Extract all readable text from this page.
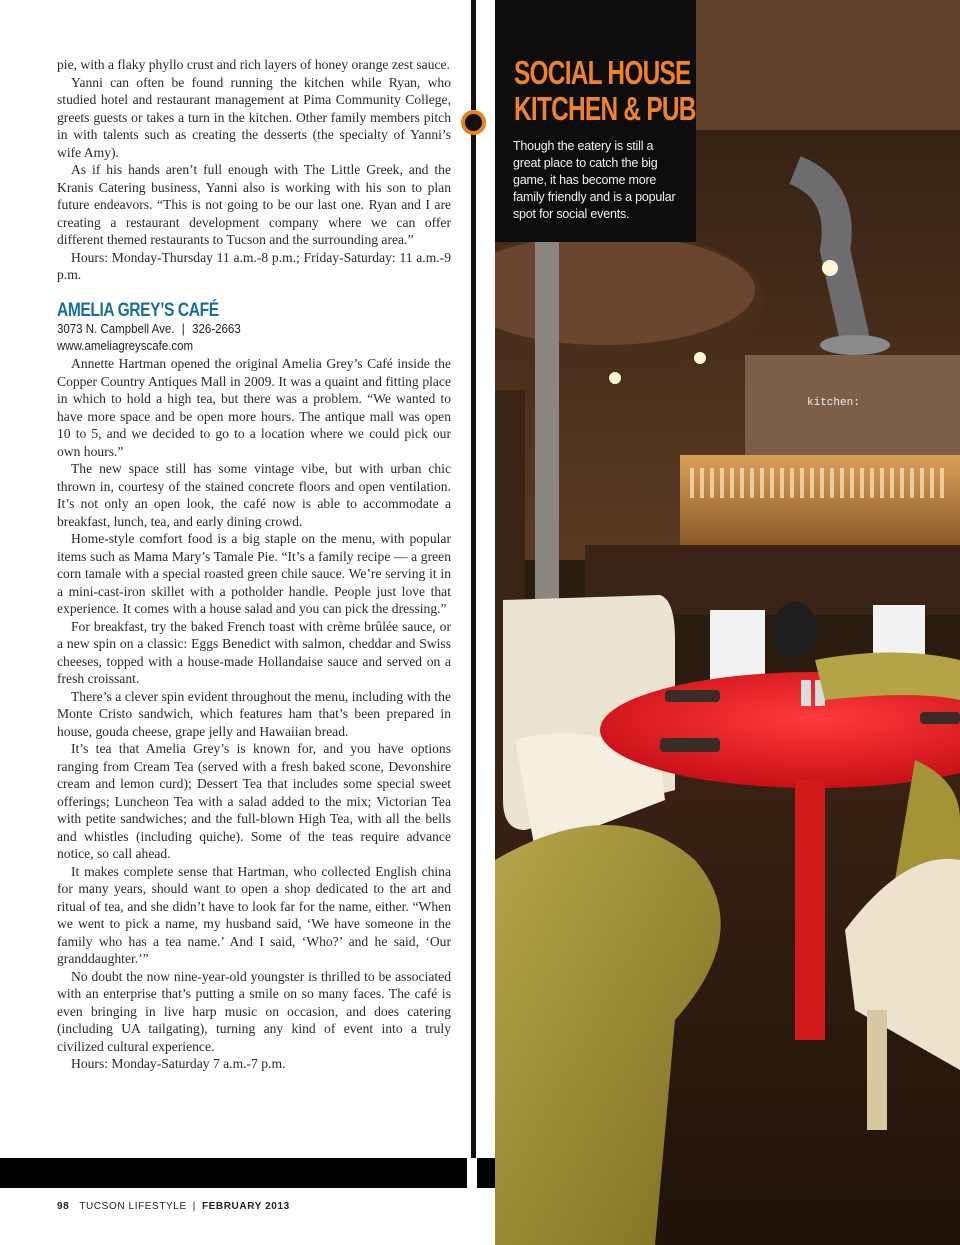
pie, with a flaky phyllo crust and rich layers of honey orange zest sauce.

Yanni can often be found running the kitchen while Ryan, who studied hotel and restaurant management at Pima Community College, greets guests or takes a turn in the kitchen. Other family members pitch in with talents such as creating the desserts (the specialty of Yanni’s wife Amy).

As if his hands aren’t full enough with The Little Greek, and the Kranis Catering business, Yanni also is working with his son to plan future endeavors. “This is not going to be our last one. Ryan and I are creating a restaurant development company where we can offer different themed restaurants to Tucson and the surrounding area.”

Hours: Monday-Thursday 11 a.m.-8 p.m.; Friday-Saturday: 11 a.m.-9 p.m.

AMELIA GREY’S CAFÉ
3073 N. Campbell Ave. | 326-2663
www.ameliagreyscafe.com

Annette Hartman opened the original Amelia Grey’s Café inside the Copper Country Antiques Mall in 2009. It was a quaint and fitting place in which to hold a high tea, but there was a problem. “We wanted to have more space and be open more hours. The antique mall was open 10 to 5, and we decided to go to a location where we could pick our own hours.”

The new space still has some vintage vibe, but with urban chic thrown in, courtesy of the stained concrete floors and open ventilation. It’s not only an open look, the café now is able to accommodate a breakfast, lunch, tea, and early dining crowd.

Home-style comfort food is a big staple on the menu, with popular items such as Mama Mary’s Tamale Pie. “It’s a family recipe — a green corn tamale with a special roasted green chile sauce. We’re serving it in a mini-cast-iron skillet with a potholder handle. People just love that experience. It comes with a house salad and you can pick the dressing.”

For breakfast, try the baked French toast with crème brûlée sauce, or a new spin on a classic: Eggs Benedict with salmon, cheddar and Swiss cheeses, topped with a house-made Hollandaise sauce and served on a fresh croissant.

There’s a clever spin evident throughout the menu, including with the Monte Cristo sandwich, which features ham that’s been prepared in house, gouda cheese, grape jelly and Hawaiian bread.

It’s tea that Amelia Grey’s is known for, and you have options ranging from Cream Tea (served with a fresh baked scone, Devonshire cream and lemon curd); Dessert Tea that includes some special sweet offerings; Luncheon Tea with a salad added to the mix; Victorian Tea with petite sandwiches; and the full-blown High Tea, with all the bells and whistles (including quiche). Some of the teas require advance notice, so call ahead.

It makes complete sense that Hartman, who collected English china for many years, should want to open a shop dedicated to the art and ritual of tea, and she didn’t have to look far for the name, either. “When we went to pick a name, my husband said, ‘We have someone in the family who has a tea name.’ And I said, ‘Who?’ and he said, ‘Our granddaughter.’”

No doubt the now nine-year-old youngster is thrilled to be associated with an enterprise that’s putting a smile on so many faces. The café is even bringing in live harp music on occasion, and does catering (including UA tailgating), turning any kind of event into a truly civilized cultural experience.

Hours: Monday-Saturday 7 a.m.-7 p.m.

98 TUCSON LIFESTYLE | FEBRUARY 2013
kitchen:
SOCIAL HOUSE
KITCHEN & PUB
Though the eatery is still a great place to catch the big game, it has become more family friendly and is a popular spot for social events.
